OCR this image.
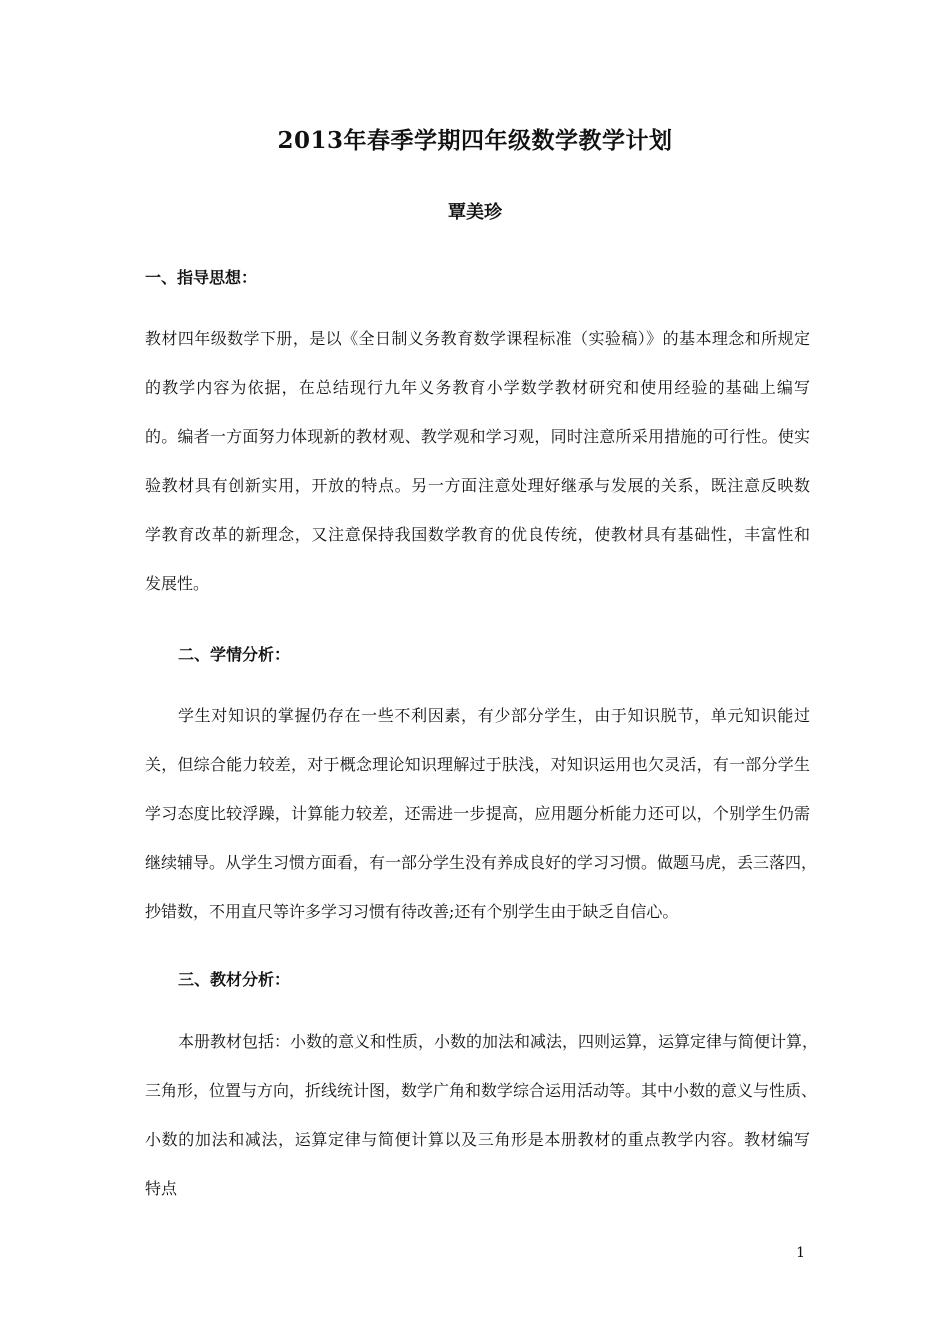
2013年春季学期四年级数学教学计划
覃美珍
一、指导思想：
教材四年级数学下册，是以《全日制义务教育数学课程标准（实验稿）》的基本理念和所规定
的教学内容为依据，在总结现行九年义务教育小学数学教材研究和使用经验的基础上编写
的。编者一方面努力体现新的教材观、教学观和学习观，同时注意所采用措施的可行性。使实
验教材具有创新实用，开放的特点。另一方面注意处理好继承与发展的关系，既注意反映数
学教育改革的新理念，又注意保持我国数学教育的优良传统，使教材具有基础性，丰富性和
发展性。
二、学情分析：
学生对知识的掌握仍存在一些不利因素，有少部分学生，由于知识脱节，单元知识能过
关，但综合能力较差，对于概念理论知识理解过于肤浅，对知识运用也欠灵活，有一部分学生
学习态度比较浮躁，计算能力较差，还需进一步提高，应用题分析能力还可以，个别学生仍需
继续辅导。从学生习惯方面看，有一部分学生没有养成良好的学习习惯。做题马虎，丢三落四，
抄错数，不用直尺等许多学习习惯有待改善;还有个别学生由于缺乏自信心。
三、教材分析：
本册教材包括：小数的意义和性质，小数的加法和减法，四则运算，运算定律与简便计算，
三角形，位置与方向，折线统计图，数学广角和数学综合运用活动等。其中小数的意义与性质、
小数的加法和减法，运算定律与简便计算以及三角形是本册教材的重点教学内容。教材编写
特点
1
